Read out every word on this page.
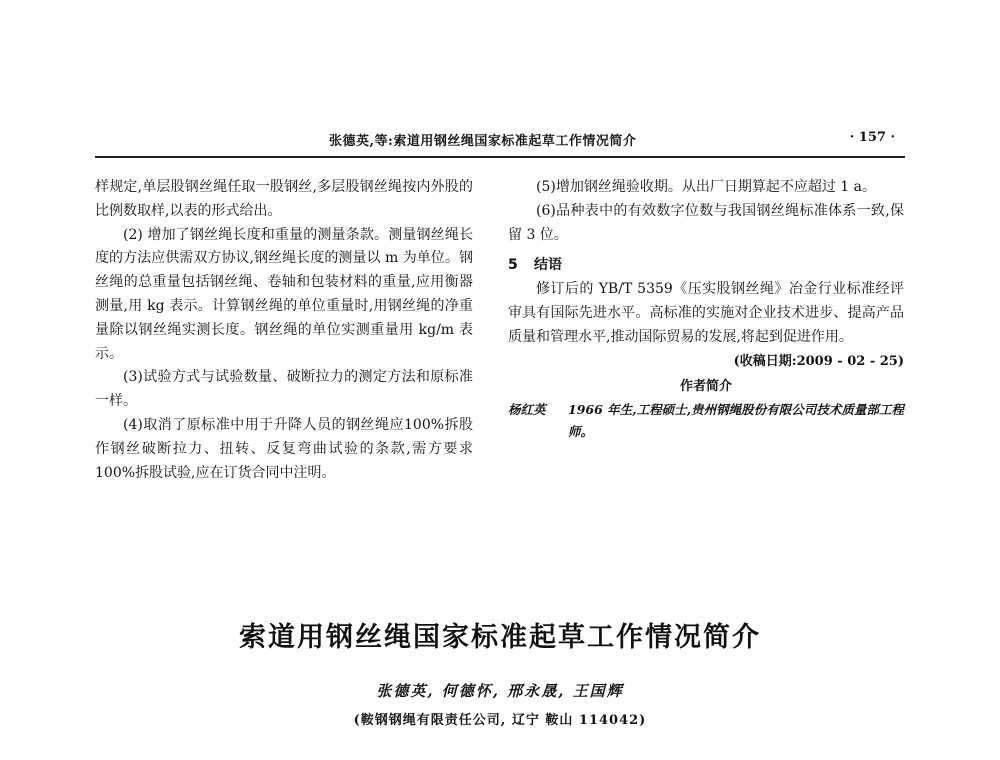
张德英,等:索道用钢丝绳国家标准起草工作情况简介	· 157 ·

样规定,单层股钢丝绳任取一股钢丝,多层股钢丝绳按内外股的比例数取样,以表的形式给出。

(2) 增加了钢丝绳长度和重量的测量条款。测量钢丝绳长度的方法应供需双方协议,钢丝绳长度的测量以 m 为单位。钢丝绳的总重量包括钢丝绳、卷轴和包装材料的重量,应用衡器测量,用 kg 表示。计算钢丝绳的单位重量时,用钢丝绳的净重量除以钢丝绳实测长度。钢丝绳的单位实测重量用 kg/m 表示。

(3)试验方式与试验数量、破断拉力的测定方法和原标准一样。

(4)取消了原标准中用于升降人员的钢丝绳应100%拆股作钢丝破断拉力、扭转、反复弯曲试验的条款,需方要求 100%拆股试验,应在订货合同中注明。

(5)增加钢丝绳验收期。从出厂日期算起不应超过 1 a。

(6)品种表中的有效数字位数与我国钢丝绳标准体系一致,保留 3 位。

5 结语

修订后的 YB/T 5359《压实股钢丝绳》冶金行业标准经评审具有国际先进水平。高标准的实施对企业技术进步、提高产品质量和管理水平,推动国际贸易的发展,将起到促进作用。

(收稿日期:2009 - 02 - 25)

作者简介

杨红英 1966 年生,工程硕士,贵州钢绳股份有限公司技术质量部工程师。

索道用钢丝绳国家标准起草工作情况简介
张德英, 何德怀, 邢永晟, 王国辉
(鞍钢钢绳有限责任公司, 辽宁 鞍山 114042)
